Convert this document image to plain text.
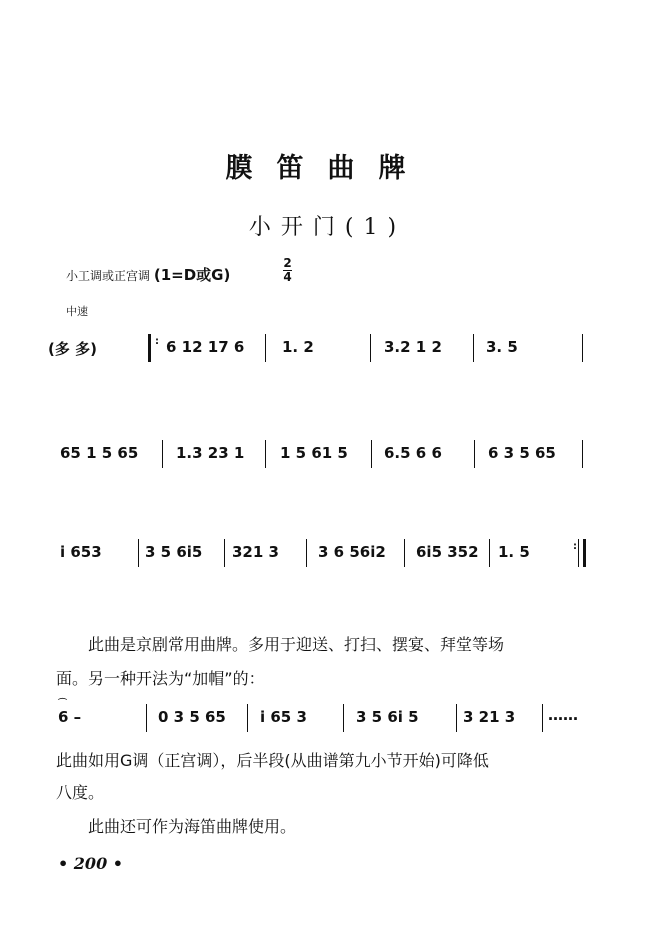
膜笛曲牌
小开门(1)
小工调或正宫调 (1=D或G)
2
4
中速
(多 多)	: 6 12 17 6	1. 2	3.2 1 2	3. 5
65 1 5 65	1.3 23 1 1 5 61 5 6.5 6 6	6 3 5 65
i 653	3 5 6i5 321 3	3 6 56i2 6i5 352 1. 5	:
此曲是京剧常用曲牌。多用于迎送、打扫、摆宴、拜堂等场
面。另一种开法为“加帽”的：
⌒
6 –	0 3 5 65 i 65 3	3 5 6i 5	3 21 3 ……
此曲如用G调（正宫调），后半段(从曲谱第九小节开始)可降低
八度。
此曲还可作为海笛曲牌使用。
• 200 •
